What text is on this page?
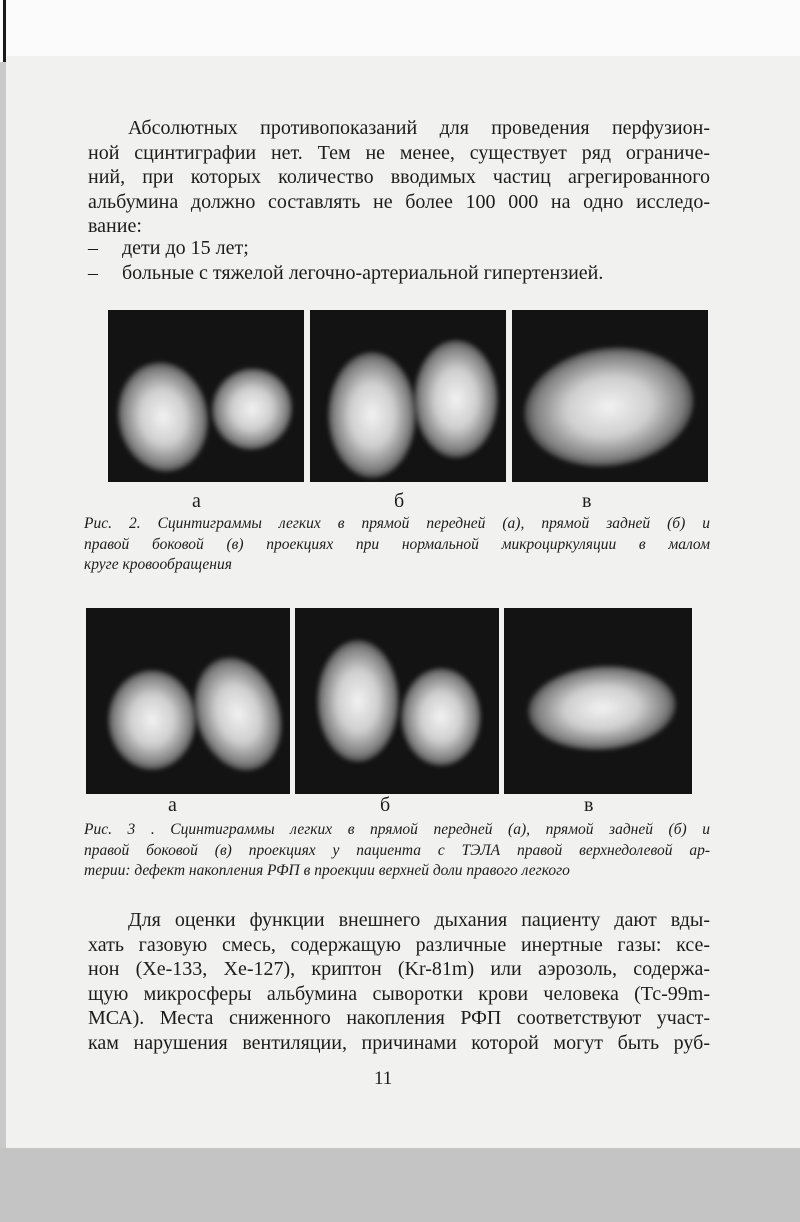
Абсолютных противопоказаний для проведения перфузион-
ной сцинтиграфии нет. Тем не менее, существует ряд ограниче-
ний, при которых количество вводимых частиц агрегированного
альбумина должно составлять не более 100 000 на одно исследо-
вание:
–	дети до 15 лет;
–	больные с тяжелой легочно-артериальной гипертензией.
а	б	в
Рис. 2. Сцинтиграммы легких в прямой передней (а), прямой задней (б) и
правой боковой (в) проекциях при нормальной микроциркуляции в малом
круге кровообращения
а	б	в
Рис. 3 . Сцинтиграммы легких в прямой передней (а), прямой задней (б) и
правой боковой (в) проекциях у пациента с ТЭЛА правой верхнедолевой ар-
терии: дефект накопления РФП в проекции верхней доли правого легкого
Для оценки функции внешнего дыхания пациенту дают вды-
хать газовую смесь, содержащую различные инертные газы: ксе-
нон (Хе-133, Хе-127), криптон (Kr-81m) или аэрозоль, содержа-
щую микросферы альбумина сыворотки крови человека (Тс-99m-
МСА). Места сниженного накопления РФП соответствуют участ-
кам нарушения вентиляции, причинами которой могут быть руб-
11
